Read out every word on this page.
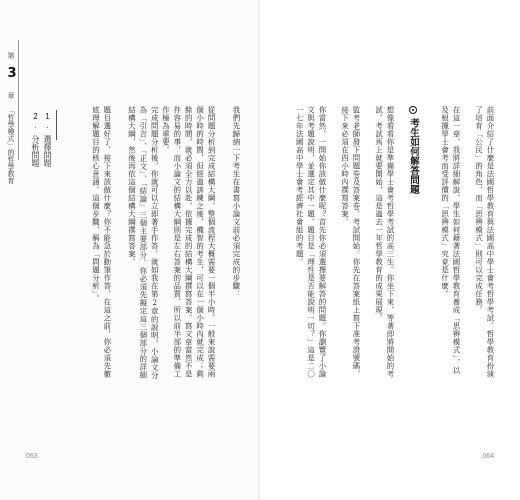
第
3
章 「哲學模式」的哲學教育	1.選擇問題
2.分析問題	我們先歸納一下考生在書寫小論文前必須完成的步驟：
題目選好了，接下來該做什麼？你不能急於動筆作答，在這之前，你必須先徹底理解題目的核心意涵。這個步驟，稱為「問題分析」。	完成問題分析後，你就可以立即著手作答。就如我在第2章的說明，小論文分為「引言」、「正文」、「結論」三個主要部分。你必須先擬定這三個部分的詳細結構大綱，然後再依這個結構大綱撰寫答案。	從問題分析到完成結構大綱，整個流程大概需要一個半小時。一般來說需要兩個小時的時間，但經過訓練之後，機智的考生，可以在一個小時內就完成；剩餘的時間，就必須全力以赴，依據完成的結構大綱撰寫答案。寫文章當然不是件容易的事，而小論文的結構大綱則是左右答案的品質，所以前半部的準備工作極為重要。
063
前面介紹了什麼是法國哲學教育與法國高中學士會考哲學考試。哲學教育扮演了培育「公民」的角色，而「思辨模式」則可以完成任務。
在這一章，我將詳細解說，學生如何藉著法國哲學教育養成「思辨模式」，以及根據學士會考而受評價的「思辨模式」究竟是什麼。
考生如何解答問題
想像看看你是準備學士會考哲學考試的高三生。你坐下來，等著即將開始的考試。考試馬上就要開始，這是過去一年哲學教育的成果展現。
監考老師發下問題卷及答案卷。考試開始。你先在答案紙上寫下准考證號碼，接下來必須在四小時內撰寫答案。
你當然，一開始你該做什麼呢？首先你必須選擇要解答的問題。你瀏覽了小論文與考題說明，並選定其中一題。題目是「理性是否能說明一切？」這是二〇一七年法國高中學士會考經濟社會組的考題。
064
